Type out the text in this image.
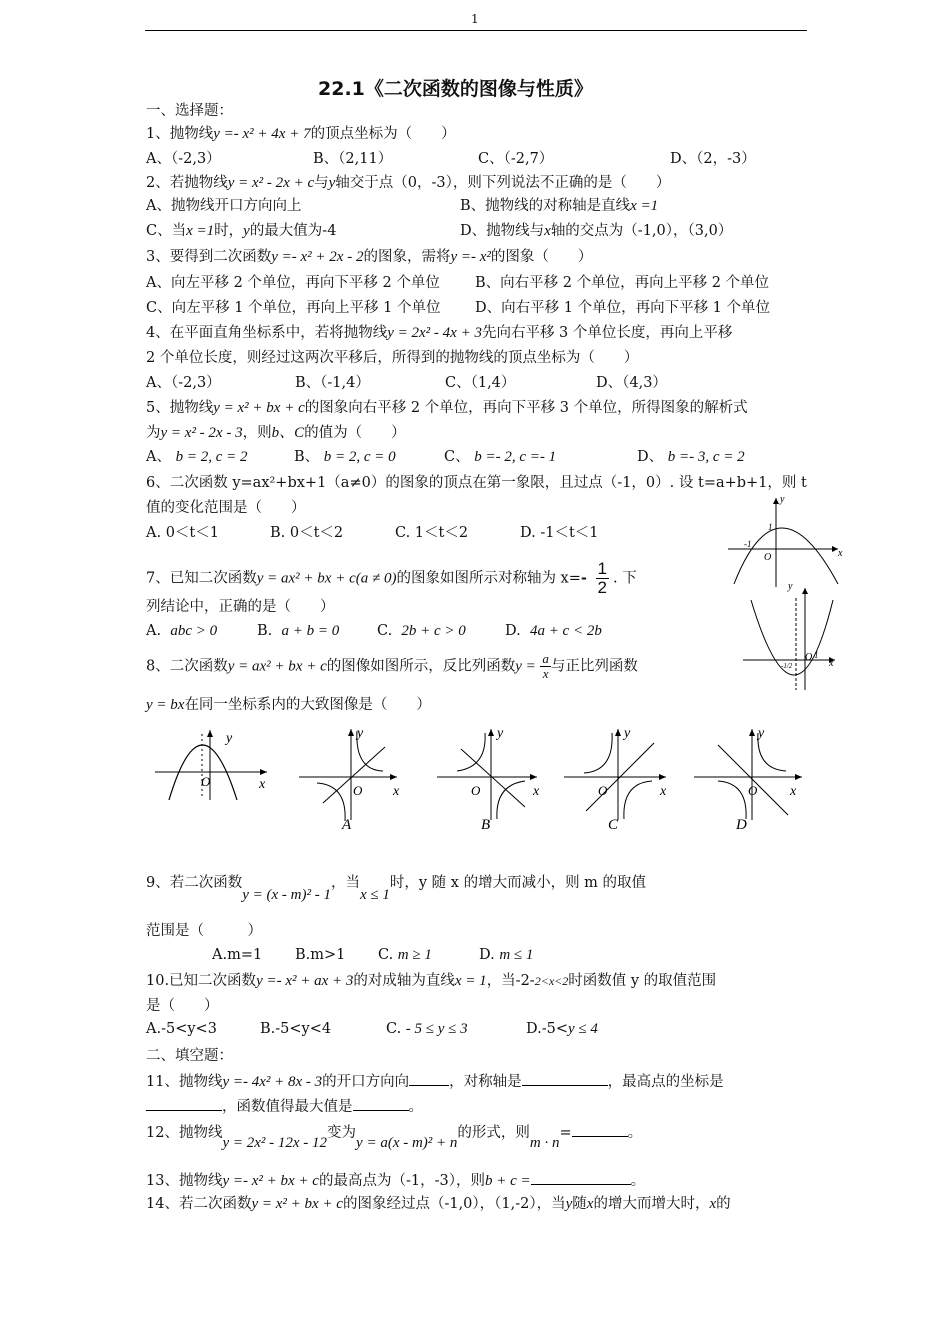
1
22.1《二次函数的图像与性质》
一、选择题：
1、抛物线y =- x² + 4x + 7的顶点坐标为（　　）
A、（-2,3）	B、（2,11）	C、（-2,7）	D、（2，-3）
2、若抛物线y = x² - 2x + c与y轴交于点（0，-3），则下列说法不正确的是（　　）
A、抛物线开口方向向上	B、抛物线的对称轴是直线x =1
C、当x =1时，y的最大值为-4	D、抛物线与x轴的交点为（-1,0），（3,0）
3、要得到二次函数y =- x² + 2x - 2的图象，需将y =- x²的图象（　　）
A、向左平移 2 个单位，再向下平移 2 个单位 B、向右平移 2 个单位，再向上平移 2 个单位
C、向左平移 1 个单位，再向上平移 1 个单位 D、向右平移 1 个单位，再向下平移 1 个单位
4、在平面直角坐标系中，若将抛物线y = 2x² - 4x + 3先向右平移 3 个单位长度，再向上平移
2 个单位长度，则经过这两次平移后，所得到的抛物线的顶点坐标为（　　）
A、（-2,3）	B、（-1,4）	C、（1,4）	D、（4,3）
5、抛物线y = x² + bx + c的图象向右平移 2 个单位，再向下平移 3 个单位，所得图象的解析式
为y = x² - 2x - 3，则b、C的值为（　　）
A、 b = 2, c = 2	B、 b = 2, c = 0	C、 b =- 2, c =- 1	D、 b =- 3, c = 2
6、二次函数 y=ax²+bx+1（a≠0）的图象的顶点在第一象限，且过点（-1，0）. 设 t=a+b+1，则 t
值的变化范围是（　　）
A. 0＜t＜1	B. 0＜t＜2	C. 1＜t＜2	D. -1＜t＜1
x
y
O
1
-1
7、已知二次函数y = ax² + bx + c(a ≠ 0)的图象如图所示对称轴为 $x=- \frac{1}{2}$ . 下
列结论中，正确的是（　　）
A. abc > 0	B. a + b = 0	C. 2b + c > 0	D. 4a + c < 2b
x
y
O 1
-1/2
8、二次函数y = ax² + bx + c的图像如图所示，反比列函数$y = \frac{a}{x}$ 与正比列函数
y = bx在同一坐标系内的大致图像是（　　）
x
y
O
y
x
O
A
y
x
O
B
y
x
O
C
y
x
O
D
9、若二次函数y = (x - m)² - 1，当x ≤ 1时，y 随 x 的增大而减小，则 m 的取值
范围是（　　　）
A.m=1 B.m>1 C. m ≥ 1	D. m ≤ 1
10.已知二次函数y =- x² + ax + 3的对成轴为直线x = 1，当-2-2<x<2时函数值 y 的取值范围
是（　　）
A.-5<y<3	B.-5<y<4	C. - 5 ≤ y ≤ 3	D.-5<y ≤ 4
二、填空题：
11、抛物线y =- 4x² + 8x - 3的开口方向向	，对称轴是	，最高点的坐标是
，函数值得最大值是	。
12、抛物线y = 2x² - 12x - 12变为y = a(x - m)² + n的形式，则m · n=	。
13、抛物线y =- x² + bx + c的最高点为（-1，-3），则b + c =	。
14、若二次函数y = x² + bx + c的图象经过点（-1,0），（1,-2），当y随x的增大而增大时，x的
